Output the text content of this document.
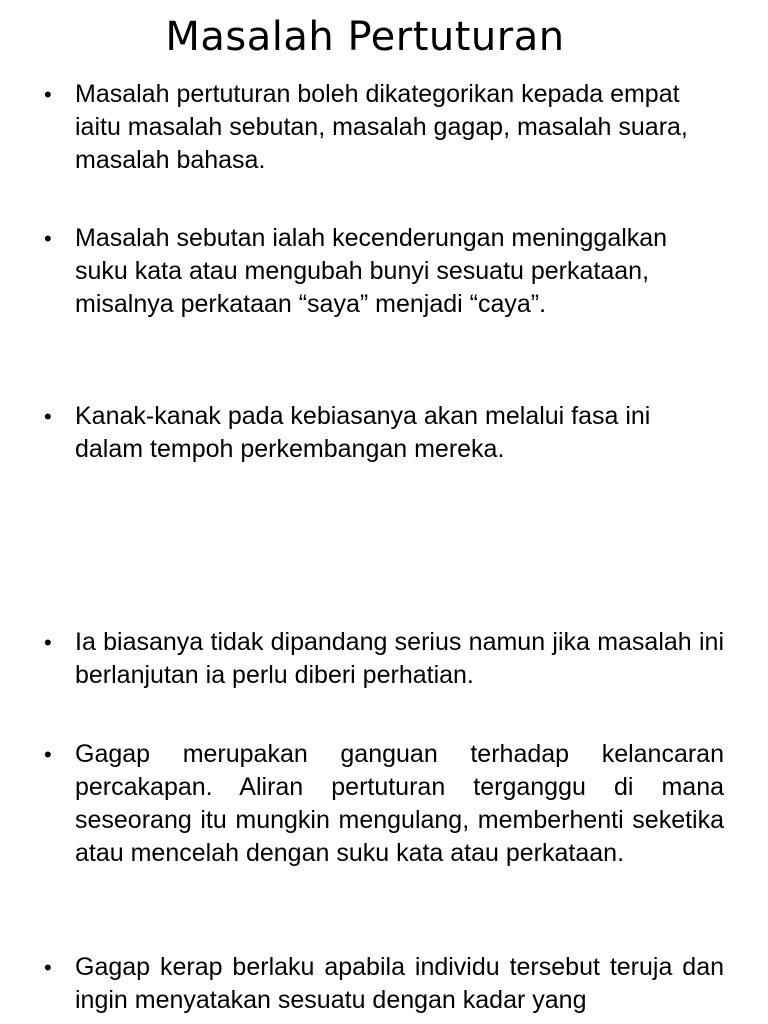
Masalah Pertuturan
• Masalah pertuturan boleh dikategorikan kepada empat iaitu masalah sebutan, masalah gagap, masalah suara, masalah bahasa.
• Masalah sebutan ialah kecenderungan meninggalkan suku kata atau mengubah bunyi sesuatu perkataan, misalnya perkataan “saya” menjadi “caya”.
• Kanak-kanak pada kebiasanya akan melalui fasa ini dalam tempoh perkembangan mereka.
• Ia biasanya tidak dipandang serius namun jika masalah ini berlanjutan ia perlu diberi perhatian.
• Gagap merupakan ganguan terhadap kelancaran percakapan. Aliran pertuturan terganggu di mana seseorang itu mungkin mengulang, memberhenti seketika atau mencelah dengan suku kata atau perkataan.
• Gagap kerap berlaku apabila individu tersebut teruja dan ingin menyatakan sesuatu dengan kadar yang
